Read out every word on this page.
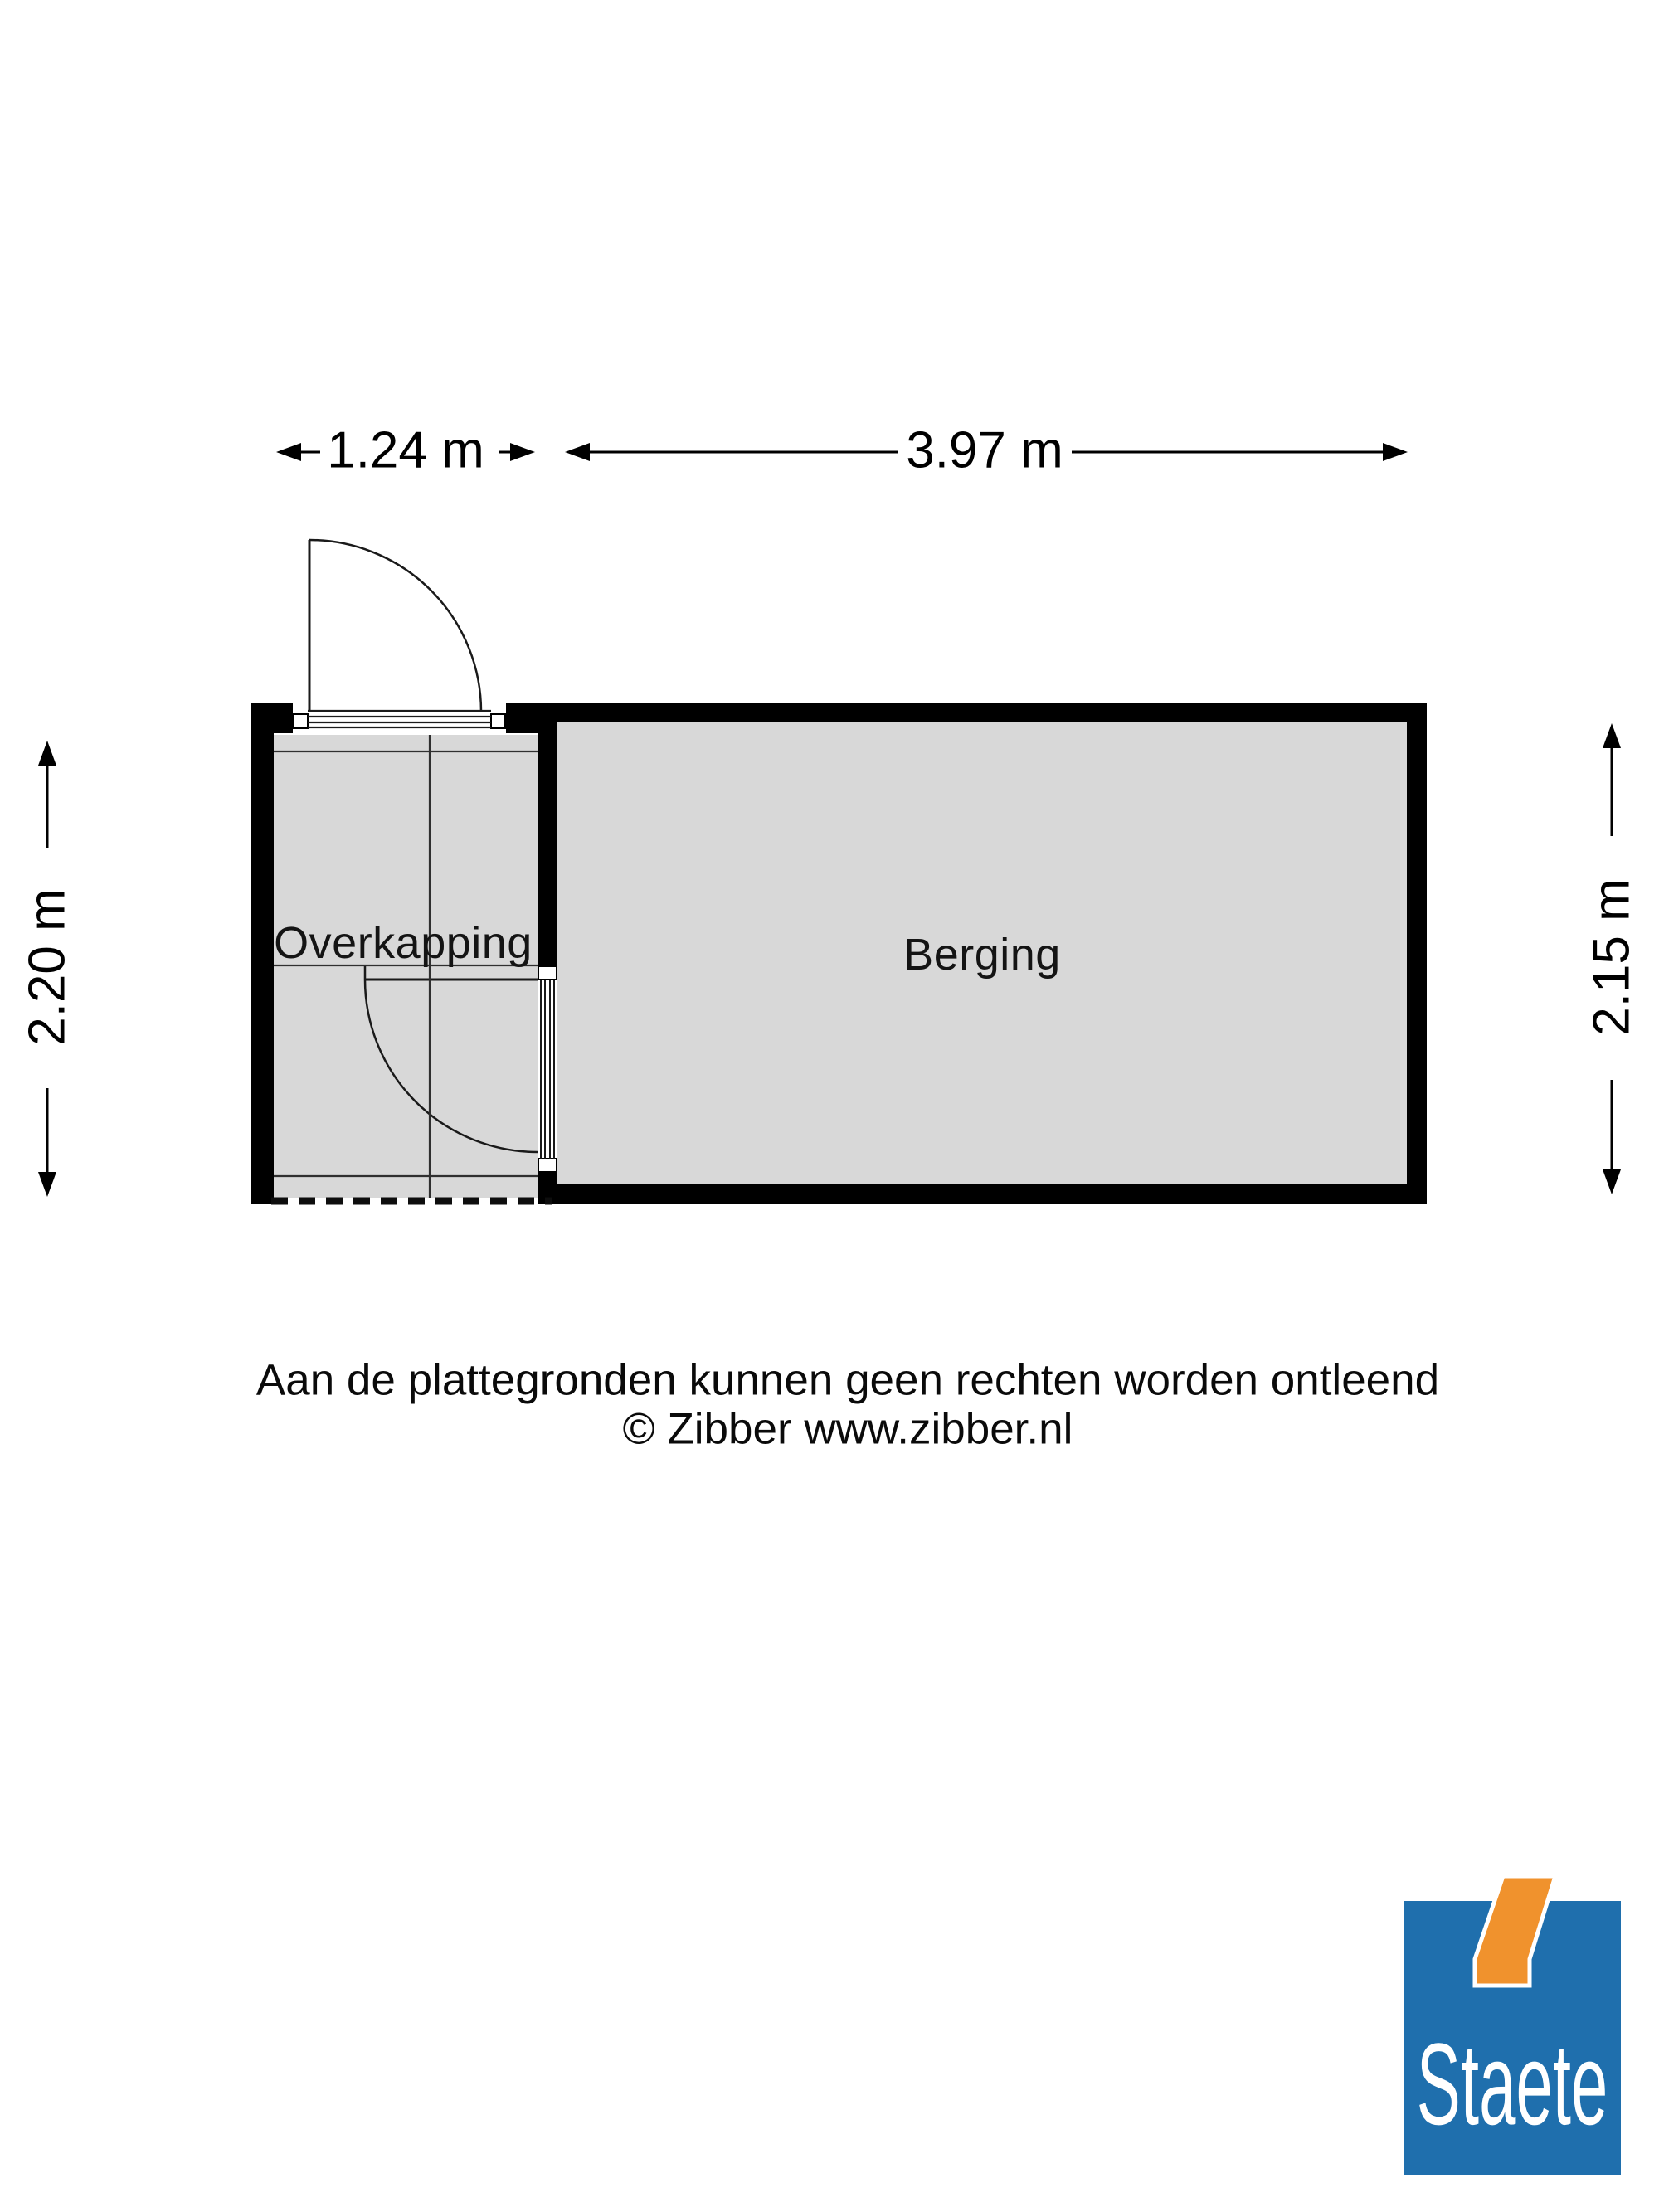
Overkapping	Berging
1.24 m	3.97 m
2.20 m	2.15 m
Aan de plattegronden kunnen geen rechten worden ontleend
© Zibber www.zibber.nl
Staete
